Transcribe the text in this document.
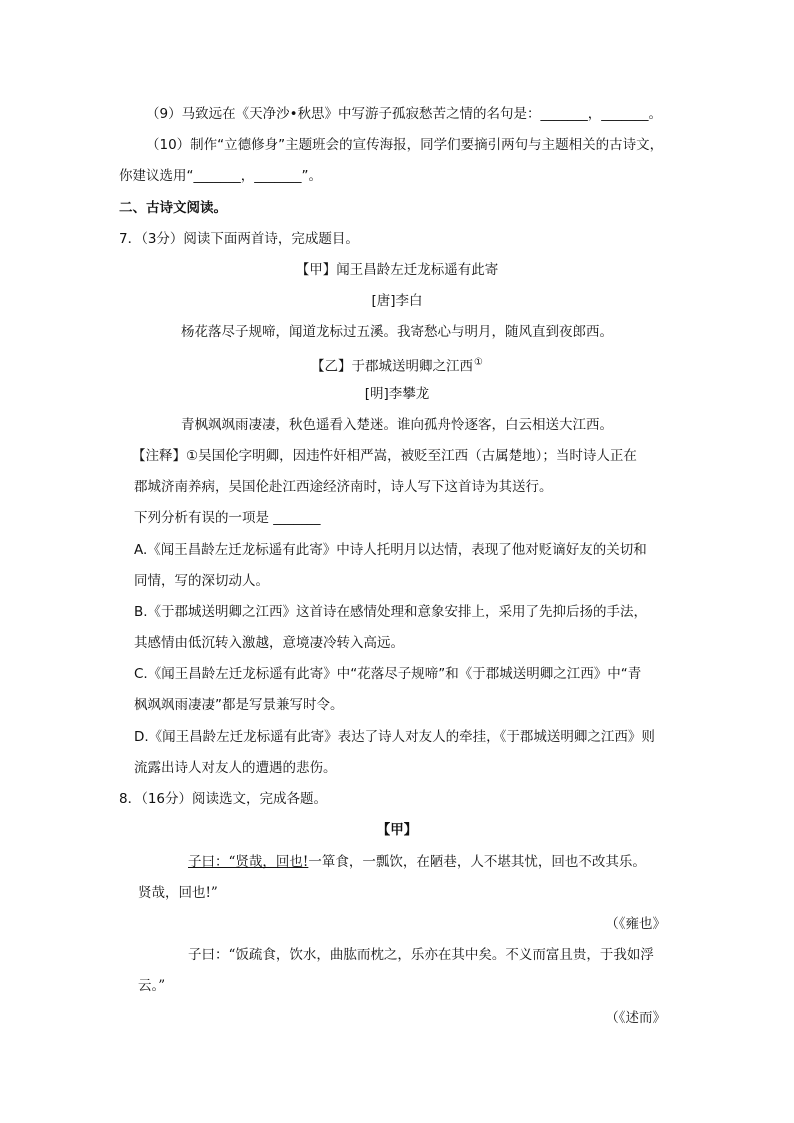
（9）马致远在《天净沙•秋思》中写游子孤寂愁苦之情的名句是：_______，_______。
（10）制作“立德修身”主题班会的宣传海报，同学们要摘引两句与主题相关的古诗文，
你建议选用“_______，_______”。
二、古诗文阅读。
7．（3分）阅读下面两首诗，完成题目。
【甲】闻王昌龄左迁龙标遥有此寄
[唐]李白
杨花落尽子规啼，闻道龙标过五溪。我寄愁心与明月，随风直到夜郎西。
【乙】于郡城送明卿之江西①
[明]李攀龙
青枫飒飒雨凄凄，秋色遥看入楚迷。谁向孤舟怜逐客，白云相送大江西。
【注释】①吴国伦字明卿，因违忤奸相严嵩，被贬至江西（古属楚地）；当时诗人正在
郡城济南养病，吴国伦赴江西途经济南时，诗人写下这首诗为其送行。
下列分析有误的一项是 _______
A.《闻王昌龄左迁龙标遥有此寄》中诗人托明月以达情，表现了他对贬谪好友的关切和
同情，写的深切动人。
B.《于郡城送明卿之江西》这首诗在感情处理和意象安排上，采用了先抑后扬的手法，
其感情由低沉转入激越，意境凄冷转入高远。
C.《闻王昌龄左迁龙标遥有此寄》中“花落尽子规啼”和《于郡城送明卿之江西》中“青
枫飒飒雨凄凄”都是写景兼写时令。
D.《闻王昌龄左迁龙标遥有此寄》表达了诗人对友人的牵挂，《于郡城送明卿之江西》则
流露出诗人对友人的遭遇的悲伤。
8．（16分）阅读选文，完成各题。
【甲】
子曰：“贤哉，回也!一箪食，一瓢饮，在陋巷，人不堪其忧，回也不改其乐。
贤哉，回也!”
（《雍也》
子曰：“饭疏食，饮水，曲肱而枕之，乐亦在其中矣。不义而富且贵，于我如浮
云。”
（《述而》
